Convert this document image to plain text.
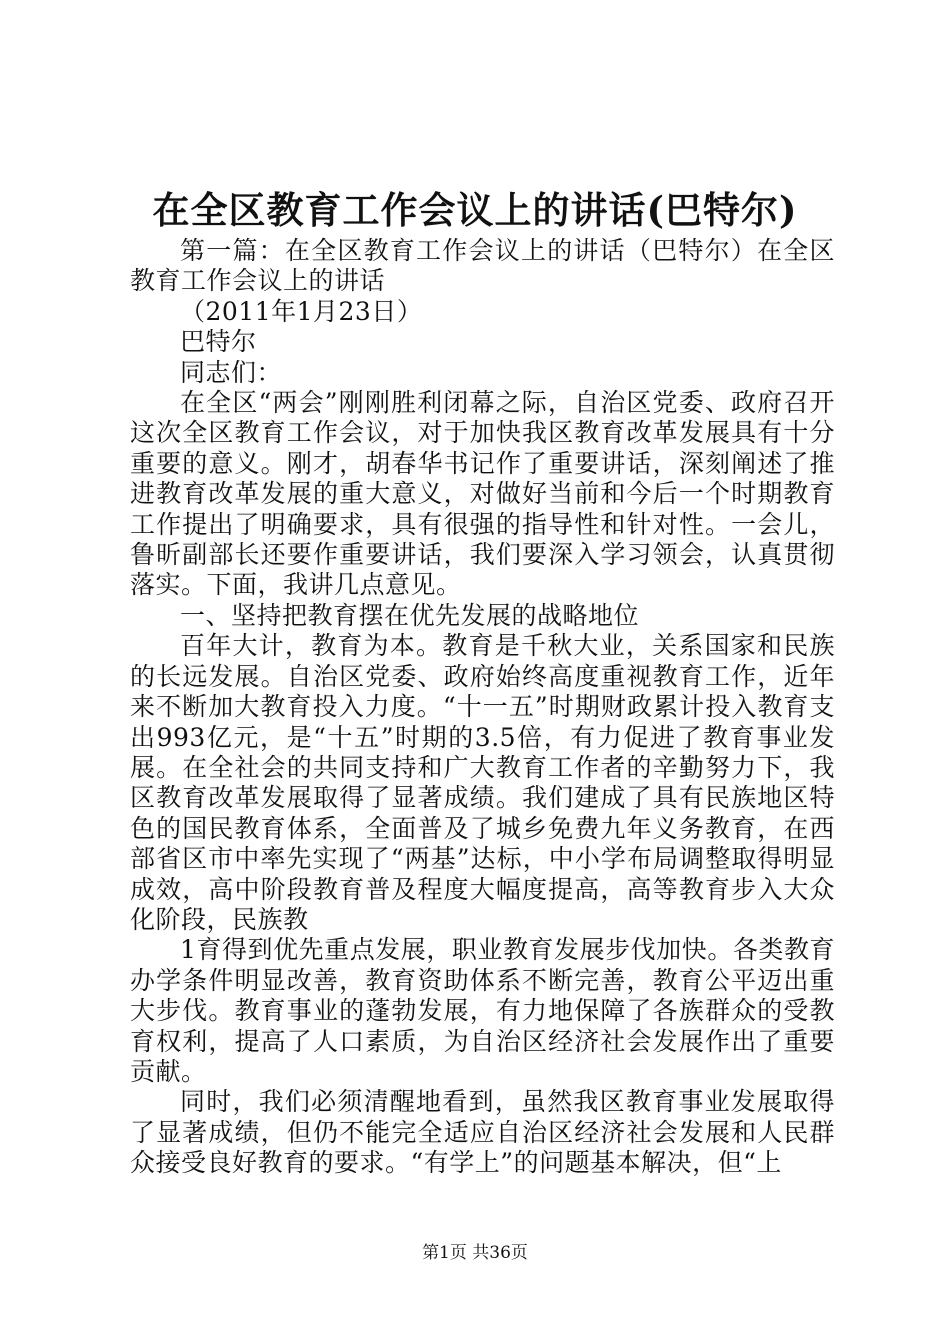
在全区教育工作会议上的讲话(巴特尔)

第一篇：在全区教育工作会议上的讲话（巴特尔）在全区教育工作会议上的讲话

（2011年1月23日）

巴特尔

同志们：

在全区“两会”刚刚胜利闭幕之际，自治区党委、政府召开这次全区教育工作会议，对于加快我区教育改革发展具有十分重要的意义。刚才，胡春华书记作了重要讲话，深刻阐述了推进教育改革发展的重大意义，对做好当前和今后一个时期教育工作提出了明确要求，具有很强的指导性和针对性。一会儿，鲁昕副部长还要作重要讲话，我们要深入学习领会，认真贯彻落实。下面，我讲几点意见。

一、坚持把教育摆在优先发展的战略地位

百年大计，教育为本。教育是千秋大业，关系国家和民族的长远发展。自治区党委、政府始终高度重视教育工作，近年来不断加大教育投入力度。“十一五”时期财政累计投入教育支出993亿元，是“十五”时期的3.5倍，有力促进了教育事业发展。在全社会的共同支持和广大教育工作者的辛勤努力下，我区教育改革发展取得了显著成绩。我们建成了具有民族地区特色的国民教育体系，全面普及了城乡免费九年义务教育，在西部省区市中率先实现了“两基”达标，中小学布局调整取得明显成效，高中阶段教育普及程度大幅度提高，高等教育步入大众化阶段，民族教

1育得到优先重点发展，职业教育发展步伐加快。各类教育办学条件明显改善，教育资助体系不断完善，教育公平迈出重大步伐。教育事业的蓬勃发展，有力地保障了各族群众的受教育权利，提高了人口素质，为自治区经济社会发展作出了重要贡献。

同时，我们必须清醒地看到，虽然我区教育事业发展取得了显著成绩，但仍不能完全适应自治区经济社会发展和人民群众接受良好教育的要求。“有学上”的问题基本解决，但“上

第1页 共36页
